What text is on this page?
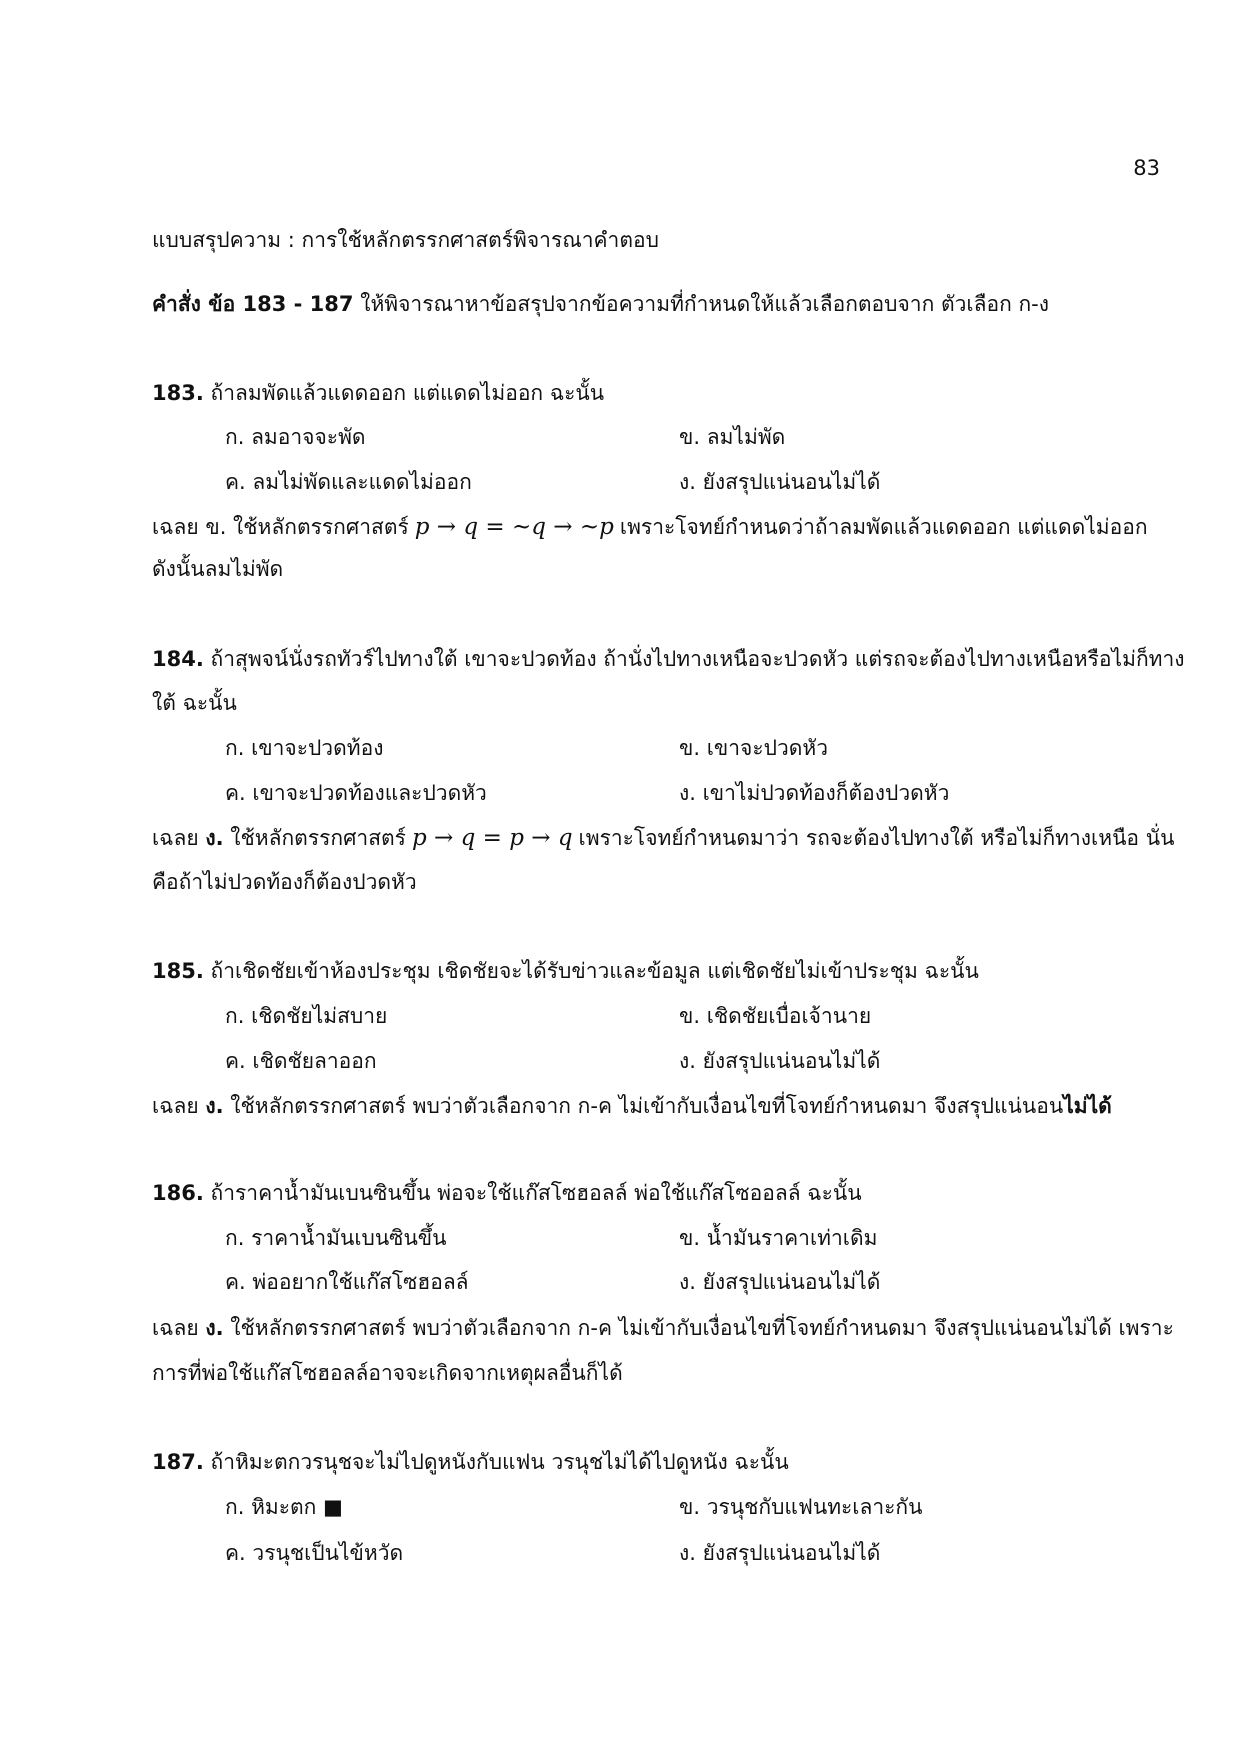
83
แบบสรุปความ : การใช้หลักตรรกศาสตร์พิจารณาคำตอบ
คำสั่ง ข้อ 183 - 187 ให้พิจารณาหาข้อสรุปจากข้อความที่กำหนดให้แล้วเลือกตอบจาก ตัวเลือก ก-ง
183. ถ้าลมพัดแล้วแดดออก แต่แดดไม่ออก ฉะนั้น
ก. ลมอาจจะพัด	ข. ลมไม่พัด
ค. ลมไม่พัดและแดดไม่ออก	ง. ยังสรุปแน่นอนไม่ได้
เฉลย ข. ใช้หลักตรรกศาสตร์ p → q = ~q → ~p เพราะโจทย์กำหนดว่าถ้าลมพัดแล้วแดดออก แต่แดดไม่ออก
ดังนั้นลมไม่พัด
184. ถ้าสุพจน์นั่งรถทัวร์ไปทางใต้ เขาจะปวดท้อง ถ้านั่งไปทางเหนือจะปวดหัว แต่รถจะต้องไปทางเหนือหรือไม่ก็ทาง
ใต้ ฉะนั้น
ก. เขาจะปวดท้อง	ข. เขาจะปวดหัว
ค. เขาจะปวดท้องและปวดหัว	ง. เขาไม่ปวดท้องก็ต้องปวดหัว
เฉลย ง. ใช้หลักตรรกศาสตร์ p → q = p → q เพราะโจทย์กำหนดมาว่า รถจะต้องไปทางใต้ หรือไม่ก็ทางเหนือ นั่น
คือถ้าไม่ปวดท้องก็ต้องปวดหัว
185. ถ้าเชิดชัยเข้าห้องประชุม เชิดชัยจะได้รับข่าวและข้อมูล แต่เชิดชัยไม่เข้าประชุม ฉะนั้น
ก. เชิดชัยไม่สบาย	ข. เชิดชัยเบื่อเจ้านาย
ค. เชิดชัยลาออก	ง. ยังสรุปแน่นอนไม่ได้
เฉลย ง. ใช้หลักตรรกศาสตร์ พบว่าตัวเลือกจาก ก-ค ไม่เข้ากับเงื่อนไขที่โจทย์กำหนดมา จึงสรุปแน่นอนไม่ได้
186. ถ้าราคาน้ำมันเบนซินขึ้น พ่อจะใช้แก๊สโซฮอลล์ พ่อใช้แก๊สโซออลล์ ฉะนั้น
ก. ราคาน้ำมันเบนซินขึ้น	ข. น้ำมันราคาเท่าเดิม
ค. พ่ออยากใช้แก๊สโซฮอลล์	ง. ยังสรุปแน่นอนไม่ได้
เฉลย ง. ใช้หลักตรรกศาสตร์ พบว่าตัวเลือกจาก ก-ค ไม่เข้ากับเงื่อนไขที่โจทย์กำหนดมา จึงสรุปแน่นอนไม่ได้ เพราะ
การที่พ่อใช้แก๊สโซฮอลล์อาจจะเกิดจากเหตุผลอื่นก็ได้
187. ถ้าหิมะตกวรนุชจะไม่ไปดูหนังกับแฟน วรนุชไม่ได้ไปดูหนัง ฉะนั้น
ก. หิมะตก ■	ข. วรนุชกับแฟนทะเลาะกัน
ค. วรนุชเป็นไข้หวัด	ง. ยังสรุปแน่นอนไม่ได้
